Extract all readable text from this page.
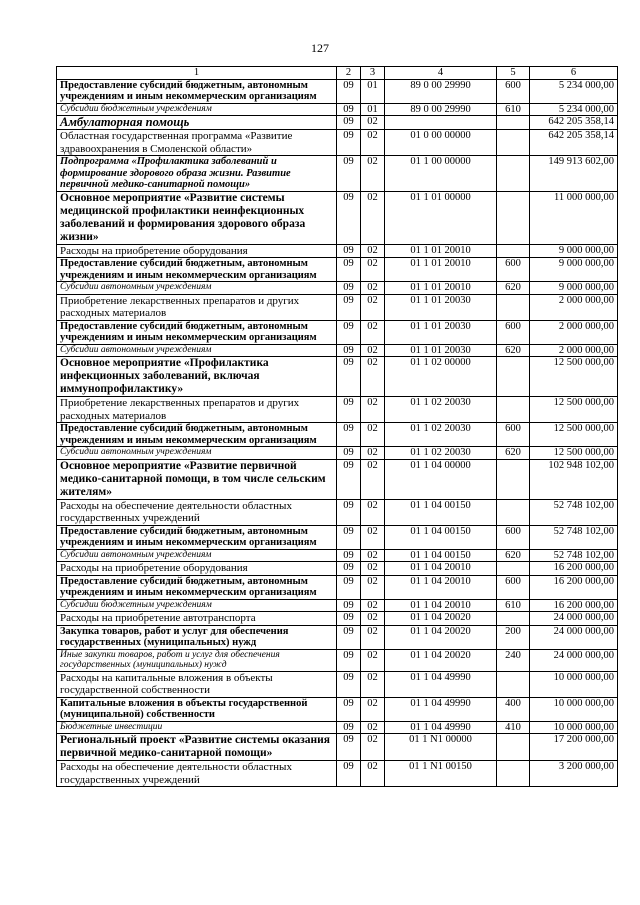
127
1	2	3	4	5	6
Предоставление субсидий бюджетным, автономным учреждениям и иным некоммерческим организациям	09	01	89 0 00 29990	600	5 234 000,00
Субсидии бюджетным учреждениям	09	01	89 0 00 29990	610	5 234 000,00
Амбулаторная помощь	09	02			642 205 358,14
Областная государственная программа «Развитие здравоохранения в Смоленской области»	09	02	01 0 00 00000		642 205 358,14
Подпрограмма «Профилактика заболеваний и формирование здорового образа жизни. Развитие первичной медико-санитарной помощи»	09	02	01 1 00 00000		149 913 602,00
Основное мероприятие «Развитие системы медицинской профилактики неинфекционных заболеваний и формирования здорового образа жизни»	09	02	01 1 01 00000		11 000 000,00
Расходы на приобретение оборудования	09	02	01 1 01 20010		9 000 000,00
Предоставление субсидий бюджетным, автономным учреждениям и иным некоммерческим организациям	09	02	01 1 01 20010	600	9 000 000,00
Субсидии автономным учреждениям	09	02	01 1 01 20010	620	9 000 000,00
Приобретение лекарственных препаратов и других расходных материалов	09	02	01 1 01 20030		2 000 000,00
Предоставление субсидий бюджетным, автономным учреждениям и иным некоммерческим организациям	09	02	01 1 01 20030	600	2 000 000,00
Субсидии автономным учреждениям	09	02	01 1 01 20030	620	2 000 000,00
Основное мероприятие «Профилактика инфекционных заболеваний, включая иммунопрофилактику»	09	02	01 1 02 00000		12 500 000,00
Приобретение лекарственных препаратов и других расходных материалов	09	02	01 1 02 20030		12 500 000,00
Предоставление субсидий бюджетным, автономным учреждениям и иным некоммерческим организациям	09	02	01 1 02 20030	600	12 500 000,00
Субсидии автономным учреждениям	09	02	01 1 02 20030	620	12 500 000,00
Основное мероприятие «Развитие первичной медико-санитарной помощи, в том числе сельским жителям»	09	02	01 1 04 00000		102 948 102,00
Расходы на обеспечение деятельности областных государственных учреждений	09	02	01 1 04 00150		52 748 102,00
Предоставление субсидий бюджетным, автономным учреждениям и иным некоммерческим организациям	09	02	01 1 04 00150	600	52 748 102,00
Субсидии автономным учреждениям	09	02	01 1 04 00150	620	52 748 102,00
Расходы на приобретение оборудования	09	02	01 1 04 20010		16 200 000,00
Предоставление субсидий бюджетным, автономным учреждениям и иным некоммерческим организациям	09	02	01 1 04 20010	600	16 200 000,00
Субсидии бюджетным учреждениям	09	02	01 1 04 20010	610	16 200 000,00
Расходы на приобретение автотранспорта	09	02	01 1 04 20020		24 000 000,00
Закупка товаров, работ и услуг для обеспечения государственных (муниципальных) нужд	09	02	01 1 04 20020	200	24 000 000,00
Иные закупки товаров, работ и услуг для обеспечения государственных (муниципальных) нужд	09	02	01 1 04 20020	240	24 000 000,00
Расходы на капитальные вложения в объекты государственной собственности	09	02	01 1 04 49990		10 000 000,00
Капитальные вложения в объекты государственной (муниципальной) собственности	09	02	01 1 04 49990	400	10 000 000,00
Бюджетные инвестиции	09	02	01 1 04 49990	410	10 000 000,00
Региональный проект «Развитие системы оказания первичной медико-санитарной помощи»	09	02	01 1 N1 00000		17 200 000,00
Расходы на обеспечение деятельности областных государственных учреждений	09	02	01 1 N1 00150		3 200 000,00
